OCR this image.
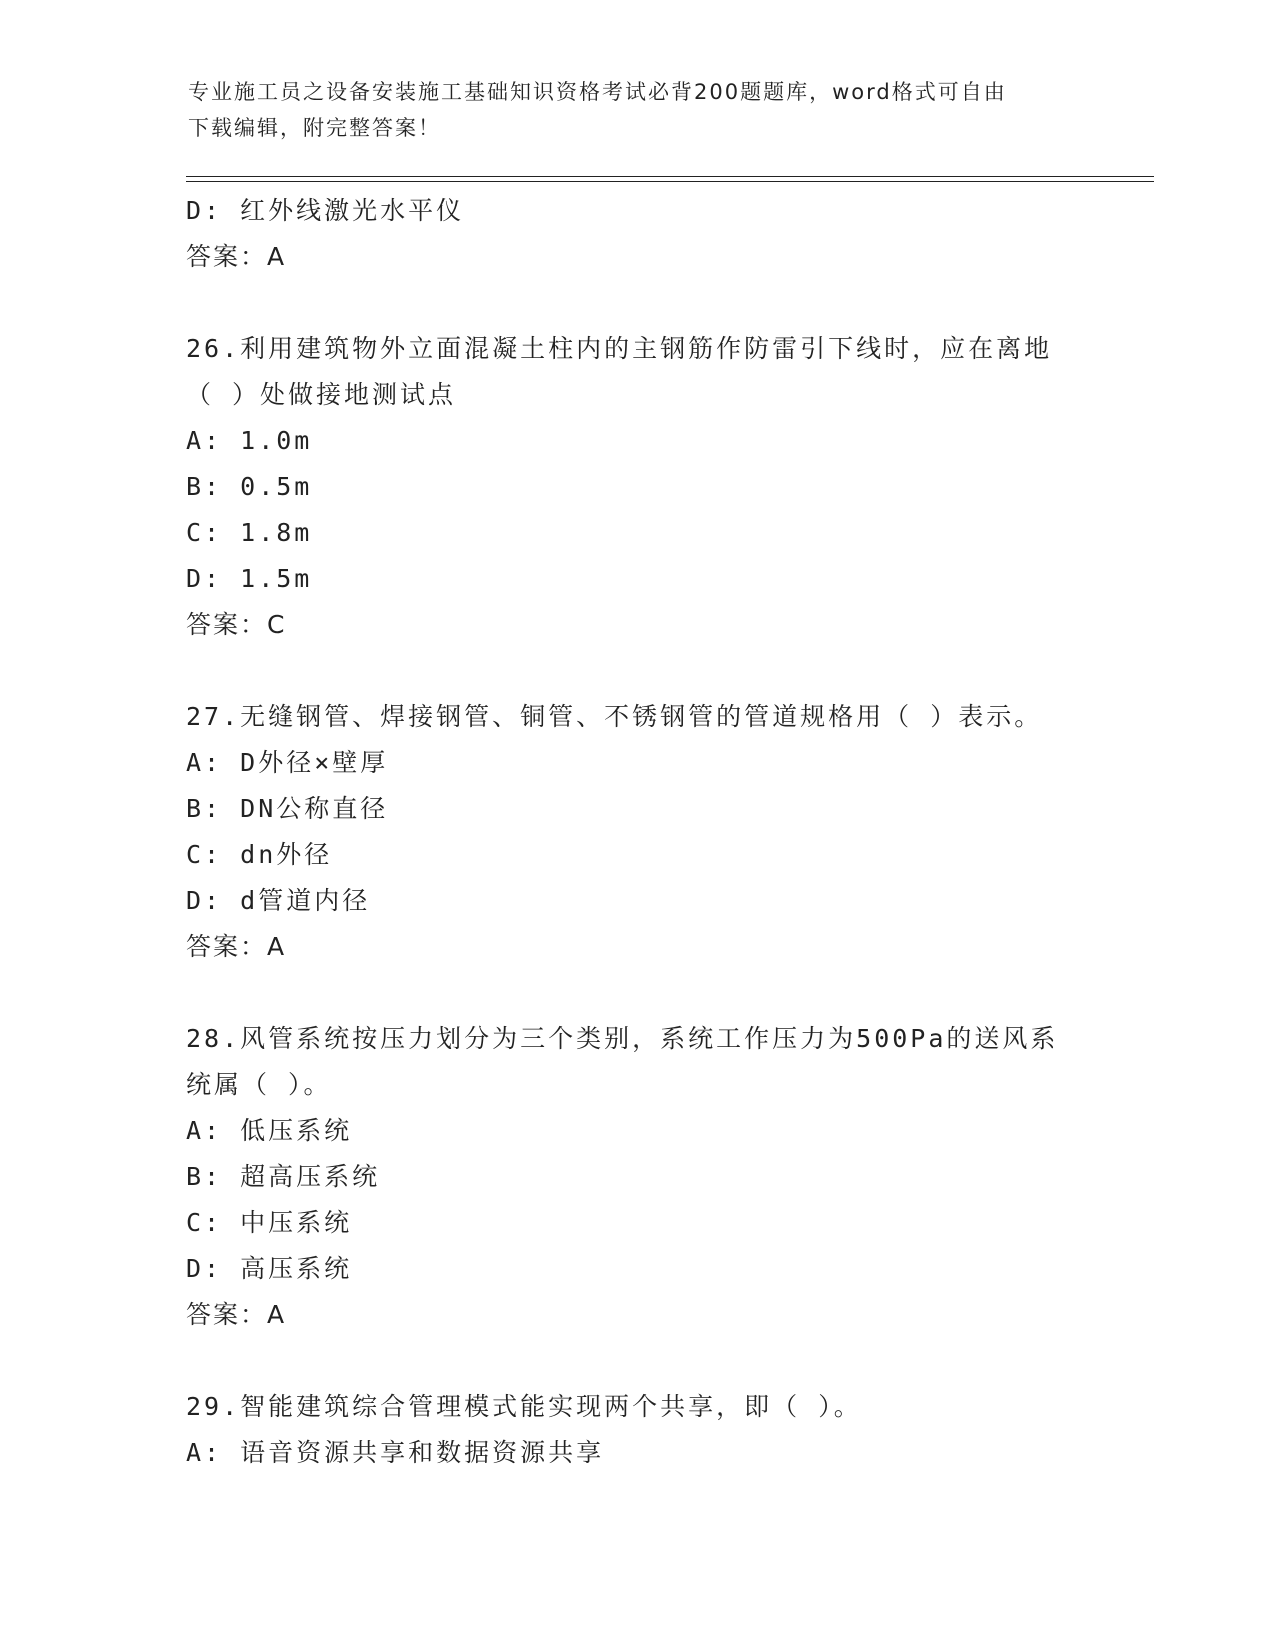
专业施工员之设备安装施工基础知识资格考试必背200题题库，word格式可自由
下载编辑，附完整答案！
D: 红外线激光水平仪
答案：A
26.利用建筑物外立面混凝土柱内的主钢筋作防雷引下线时，应在离地
（ ）处做接地测试点
A: 1.0m
B: 0.5m
C: 1.8m
D: 1.5m
答案：C
27.无缝钢管、焊接钢管、铜管、不锈钢管的管道规格用（ ）表示。
A: D外径×壁厚
B: DN公称直径
C: dn外径
D: d管道内径
答案：A
28.风管系统按压力划分为三个类别，系统工作压力为500Pa的送风系
统属（ ）。
A: 低压系统
B: 超高压系统
C: 中压系统
D: 高压系统
答案：A
29.智能建筑综合管理模式能实现两个共享，即（ ）。
A: 语音资源共享和数据资源共享
